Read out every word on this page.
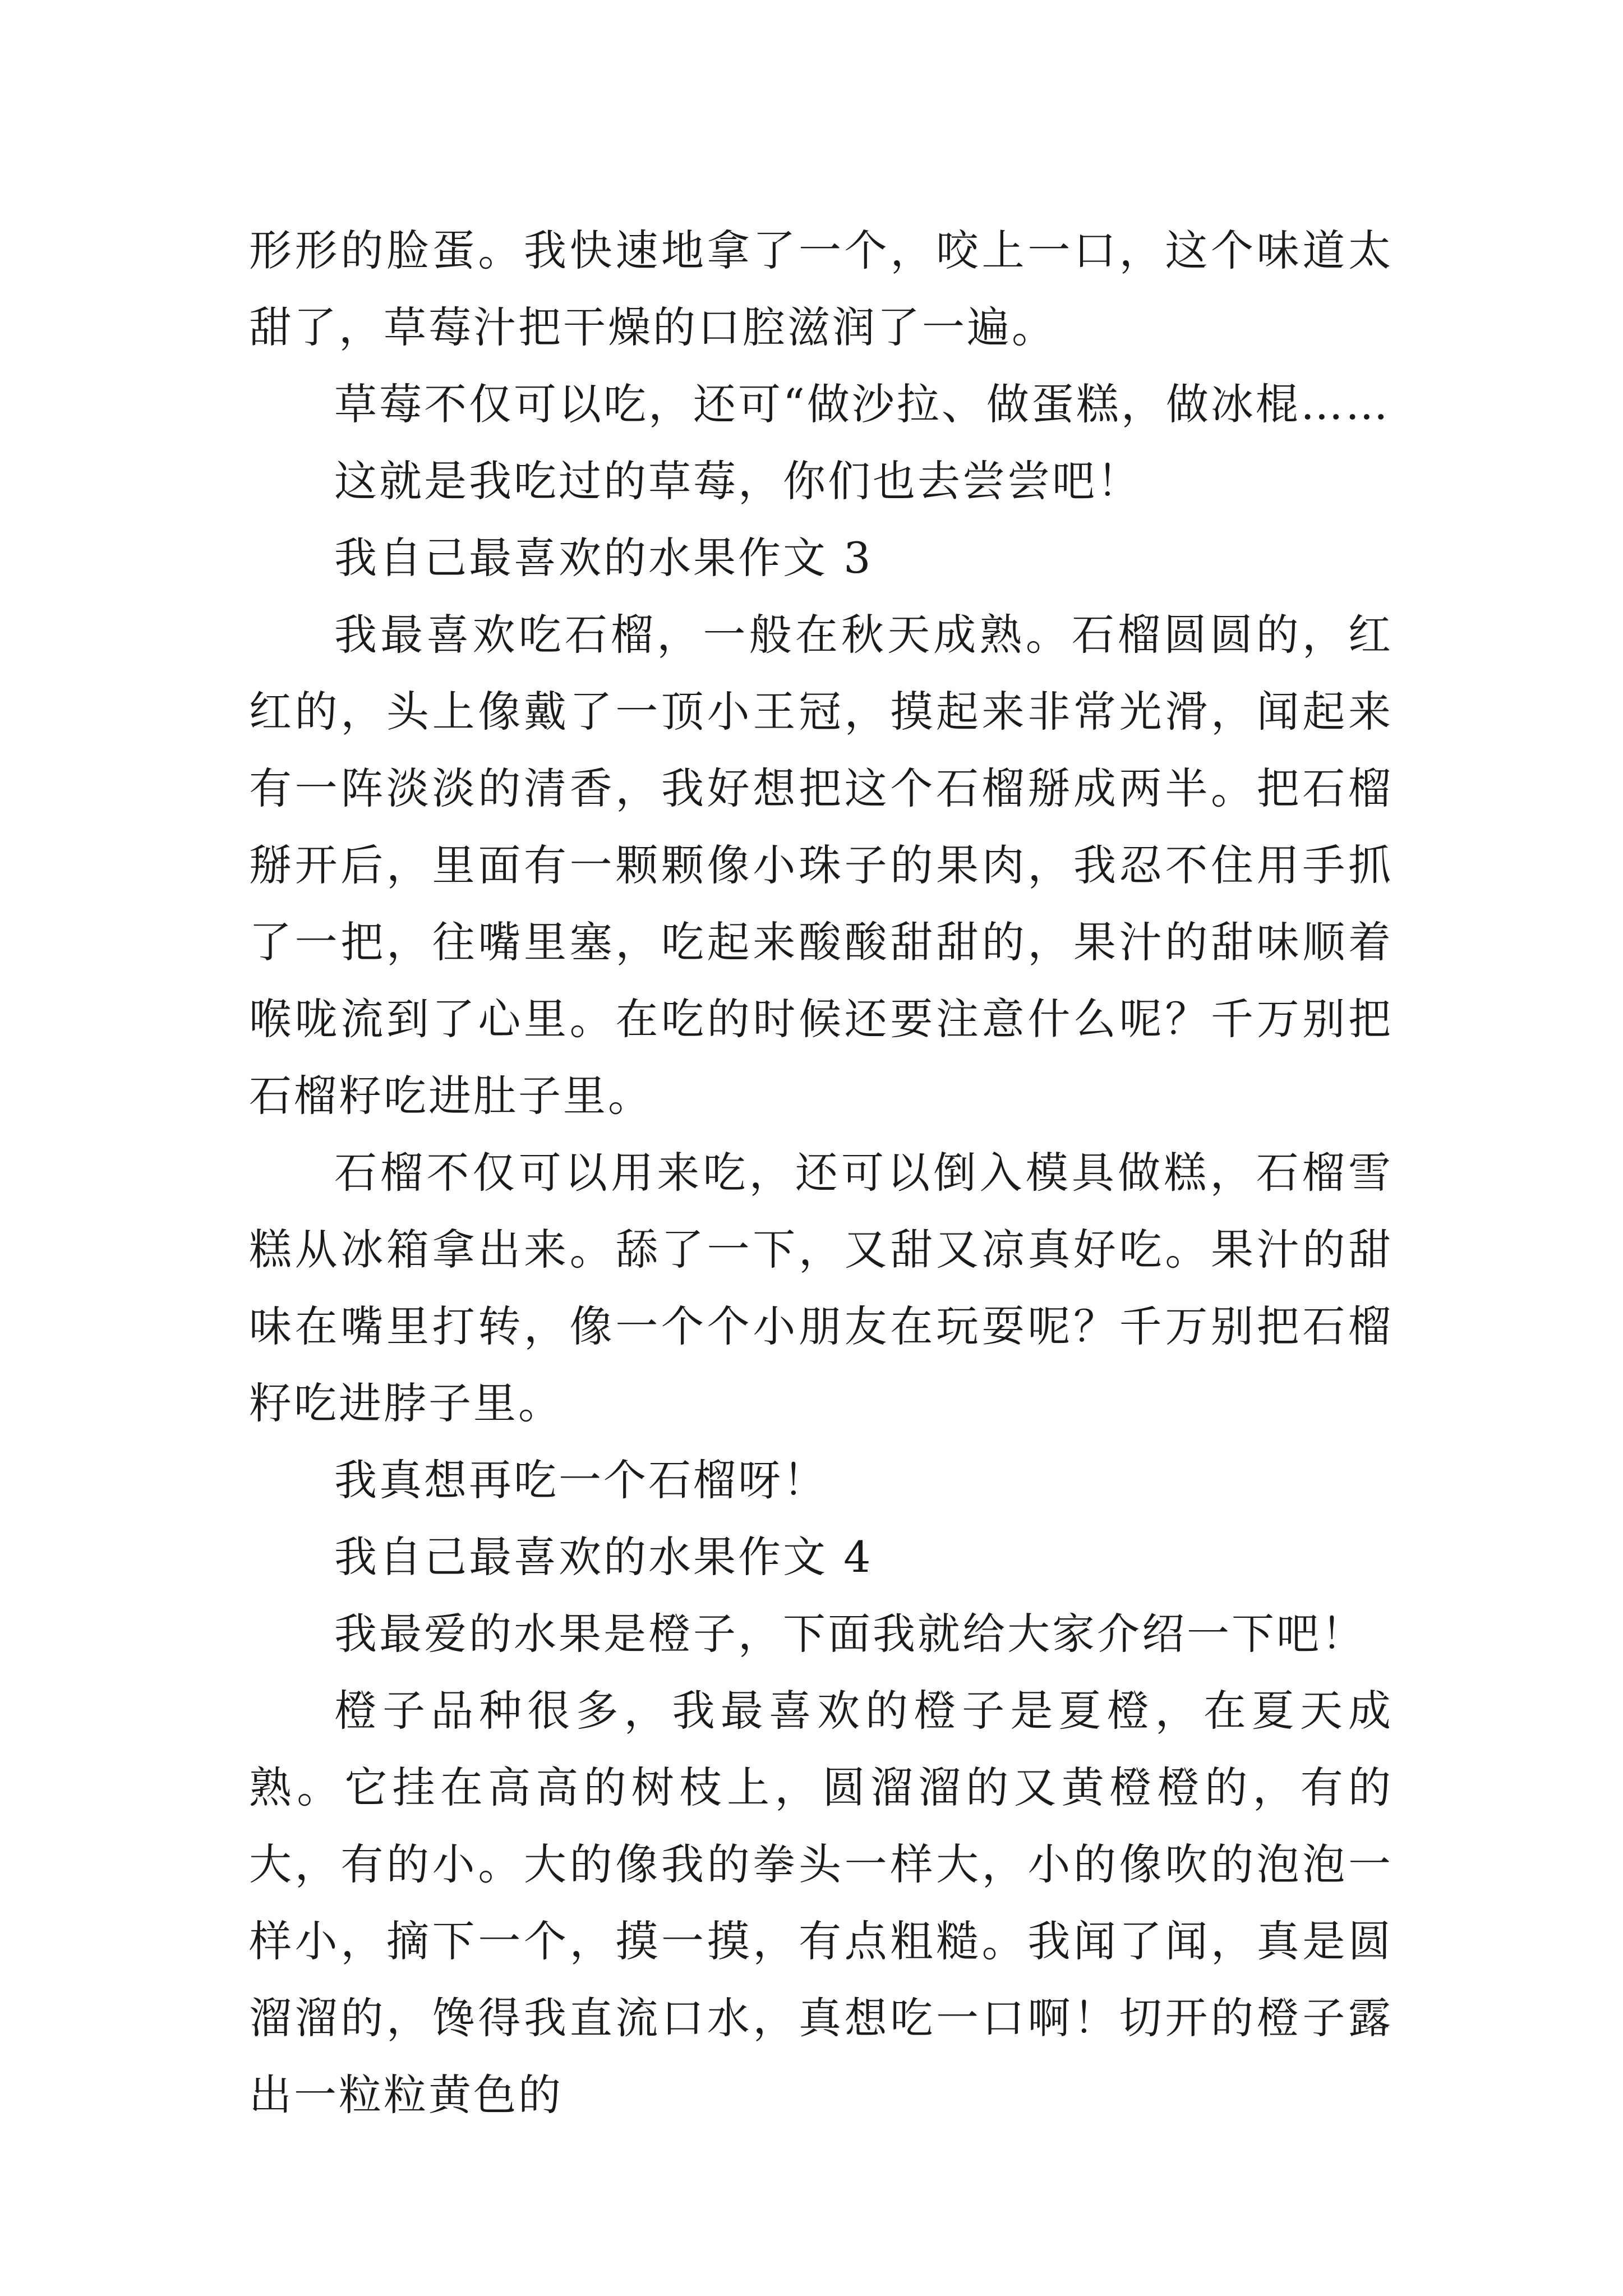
形形的脸蛋。我快速地拿了一个，咬上一口，这个味道太甜了，草莓汁把干燥的口腔滋润了一遍。

草莓不仅可以吃，还可“做沙拉、做蛋糕，做冰棍……

这就是我吃过的草莓，你们也去尝尝吧！

我自己最喜欢的水果作文 3

我最喜欢吃石榴，一般在秋天成熟。石榴圆圆的，红红的，头上像戴了一顶小王冠，摸起来非常光滑，闻起来有一阵淡淡的清香，我好想把这个石榴掰成两半。把石榴掰开后，里面有一颗颗像小珠子的果肉，我忍不住用手抓了一把，往嘴里塞，吃起来酸酸甜甜的，果汁的甜味顺着喉咙流到了心里。在吃的时候还要注意什么呢？千万别把石榴籽吃进肚子里。

石榴不仅可以用来吃，还可以倒入模具做糕，石榴雪糕从冰箱拿出来。舔了一下，又甜又凉真好吃。果汁的甜味在嘴里打转，像一个个小朋友在玩耍呢？千万别把石榴籽吃进脖子里。

我真想再吃一个石榴呀！

我自己最喜欢的水果作文 4

我最爱的水果是橙子，下面我就给大家介绍一下吧！

橙子品种很多，我最喜欢的橙子是夏橙，在夏天成熟。它挂在高高的树枝上，圆溜溜的又黄橙橙的，有的大，有的小。大的像我的拳头一样大，小的像吹的泡泡一样小，摘下一个，摸一摸，有点粗糙。我闻了闻，真是圆溜溜的，馋得我直流口水，真想吃一口啊！切开的橙子露出一粒粒黄色的
